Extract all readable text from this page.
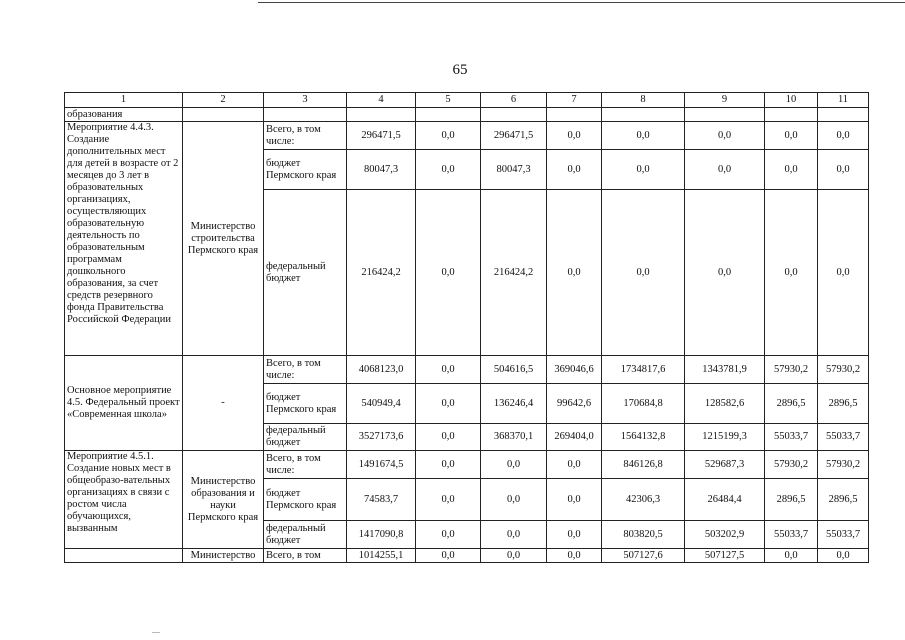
65
1	2	3	4	5	6	7	8	9	10	11
образования										
Мероприятие 4.4.3. Создание дополнительных мест для детей в возрасте от 2 месяцев до 3 лет в образовательных организациях, осуществляющих образовательную деятельность по образовательным программам дошкольного образования, за счет средств резервного фонда Правительства Российской Федерации	Министерство строительства Пермского края	Всего, в том числе:	296471,5	0,0	296471,5	0,0	0,0	0,0	0,0	0,0
		бюджет Пермского края	80047,3	0,0	80047,3	0,0	0,0	0,0	0,0	0,0
		федеральный бюджет	216424,2	0,0	216424,2	0,0	0,0	0,0	0,0	0,0
Основное мероприятие 4.5. Федеральный проект «Современная школа»	-	Всего, в том числе:	4068123,0	0,0	504616,5	369046,6	1734817,6	1343781,9	57930,2	57930,2
		бюджет Пермского края	540949,4	0,0	136246,4	99642,6	170684,8	128582,6	2896,5	2896,5
		федеральный бюджет	3527173,6	0,0	368370,1	269404,0	1564132,8	1215199,3	55033,7	55033,7
Мероприятие 4.5.1. Создание новых мест в общеобразо-вательных организациях в связи с ростом числа обучающихся, вызванным	Министерство образования и науки Пермского края	Всего, в том числе:	1491674,5	0,0	0,0	0,0	846126,8	529687,3	57930,2	57930,2
		бюджет Пермского края	74583,7	0,0	0,0	0,0	42306,3	26484,4	2896,5	2896,5
		федеральный бюджет	1417090,8	0,0	0,0	0,0	803820,5	503202,9	55033,7	55033,7
	Министерство	Всего, в том	1014255,1	0,0	0,0	0,0	507127,6	507127,5	0,0	0,0
